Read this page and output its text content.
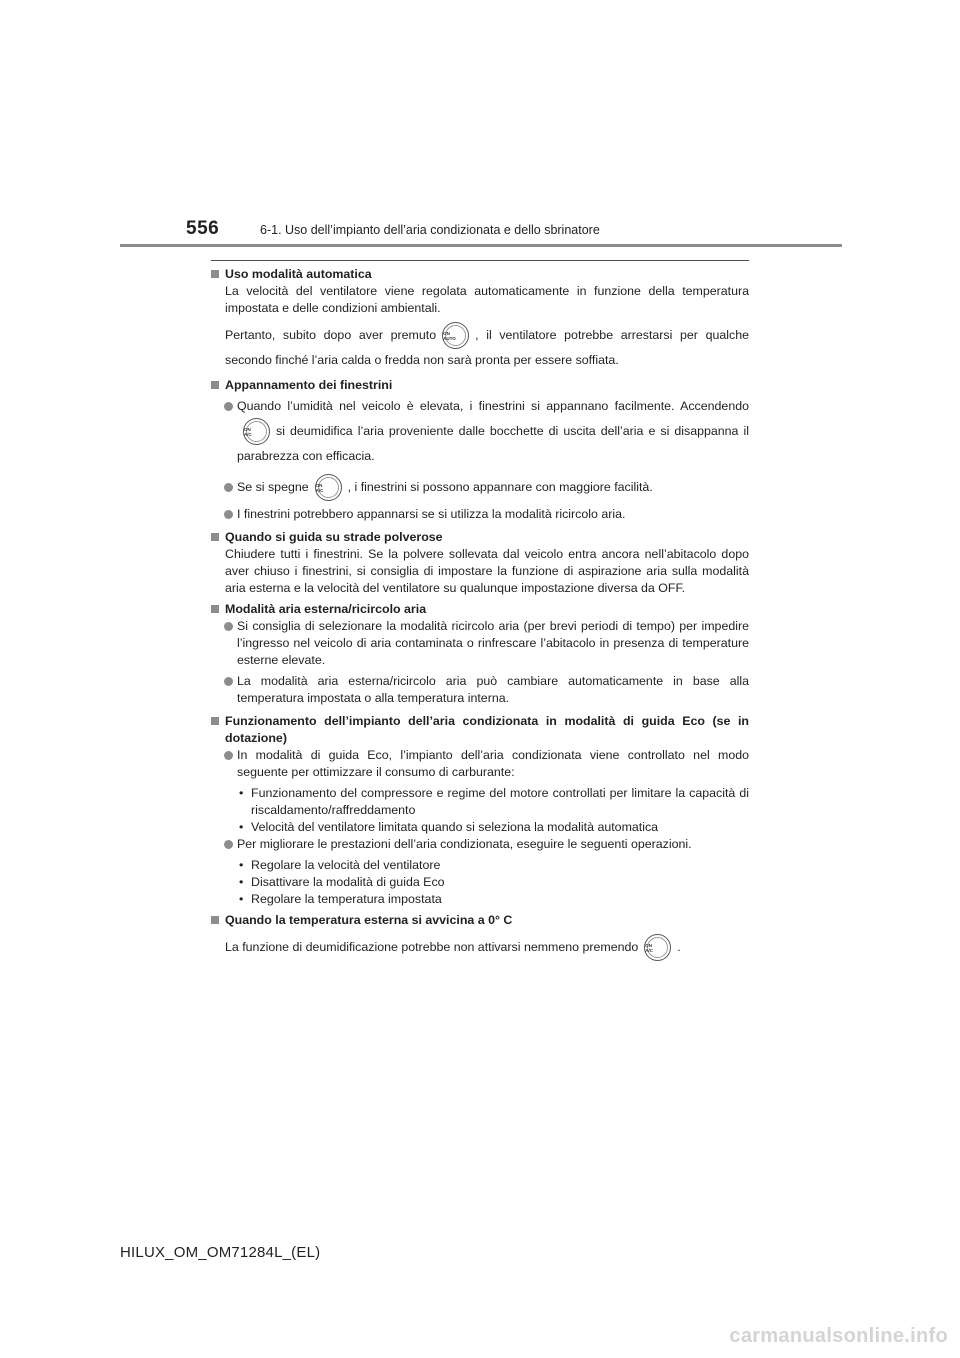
556	6-1. Uso dell’impianto dell’aria condizionata e dello sbrinatore
Uso modalità automatica
La velocità del ventilatore viene regolata automaticamente in funzione della temperatura impostata e delle condizioni ambientali.
Pertanto, subito dopo aver premuto ON
AUTO	, il ventilatore potrebbe arrestarsi per qualche secondo finché l’aria calda o fredda non sarà pronta per essere soffiata.
Appannamento dei finestrini
Quando l’umidità nel veicolo è elevata, i finestrini si appannano facilmente. Accendendo
ON
A/C	si deumidifica l’aria proveniente dalle bocchette di uscita dell’aria e si disappanna il parabrezza con efficacia.
Se si spegne ON
A/C	, i finestrini si possono appannare con maggiore facilità.
I finestrini potrebbero appannarsi se si utilizza la modalità ricircolo aria.
Quando si guida su strade polverose
Chiudere tutti i finestrini. Se la polvere sollevata dal veicolo entra ancora nell’abitacolo dopo aver chiuso i finestrini, si consiglia di impostare la funzione di aspirazione aria sulla modalità aria esterna e la velocità del ventilatore su qualunque impostazione diversa da OFF.
Modalità aria esterna/ricircolo aria
Si consiglia di selezionare la modalità ricircolo aria (per brevi periodi di tempo) per impedire l’ingresso nel veicolo di aria contaminata o rinfrescare l’abitacolo in presenza di temperature esterne elevate.
La modalità aria esterna/ricircolo aria può cambiare automaticamente in base alla temperatura impostata o alla temperatura interna.
Funzionamento dell’impianto dell’aria condizionata in modalità di guida Eco (se in dotazione)
In modalità di guida Eco, l’impianto dell’aria condizionata viene controllato nel modo seguente per ottimizzare il consumo di carburante:
• Funzionamento del compressore e regime del motore controllati per limitare la capacità di riscaldamento/raffreddamento
• Velocità del ventilatore limitata quando si seleziona la modalità automatica
Per migliorare le prestazioni dell’aria condizionata, eseguire le seguenti operazioni.
• Regolare la velocità del ventilatore
• Disattivare la modalità di guida Eco
• Regolare la temperatura impostata
Quando la temperatura esterna si avvicina a 0° C
La funzione di deumidificazione potrebbe non attivarsi nemmeno premendo ON
A/C	.
HILUX_OM_OM71284L_(EL)
carmanualsonline.info
